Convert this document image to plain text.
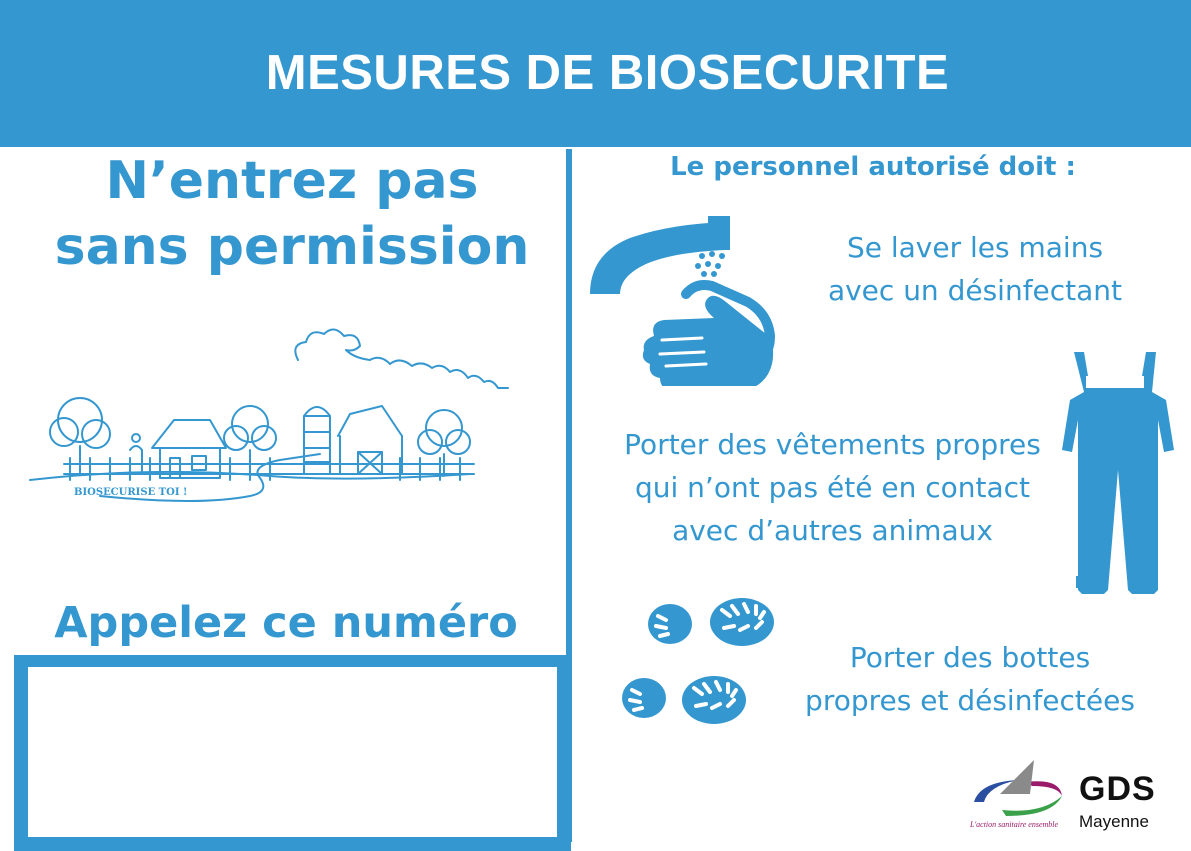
MESURES DE BIOSECURITE
N’entrez pas
sans permission
BIOSECURISE TOI !
Appelez ce numéro
Le personnel autorisé doit :
Se laver les mains
avec un désinfectant
Porter des vêtements propres
qui n’ont pas été en contact
avec d’autres animaux
Porter des bottes
propres et désinfectées
GDS
Mayenne
L'action sanitaire ensemble
